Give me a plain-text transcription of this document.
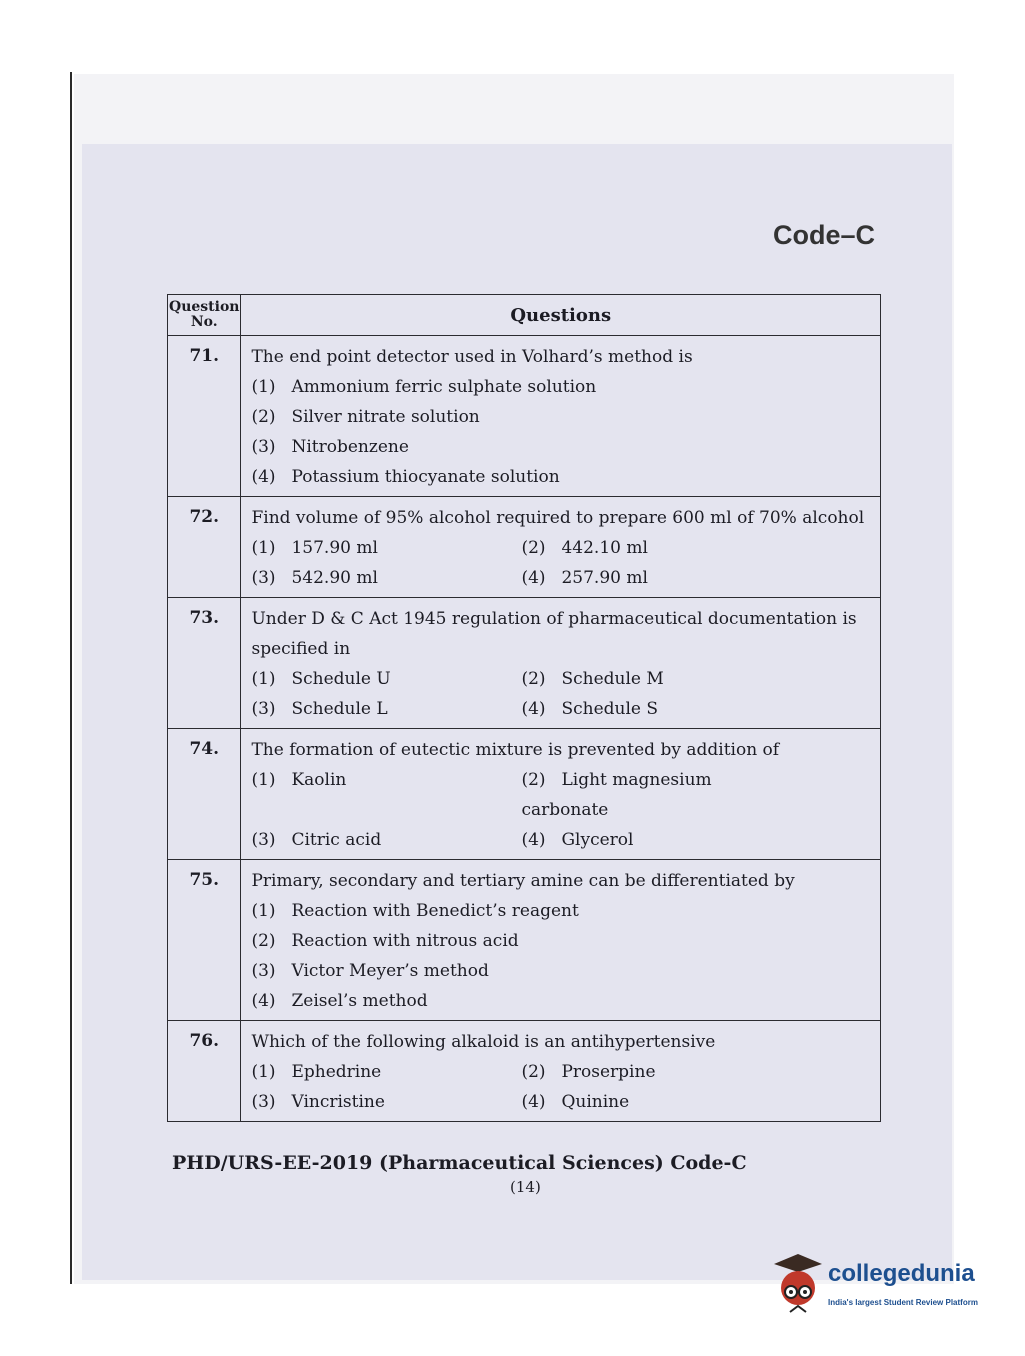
Code–C
Question No.	Questions
71.	The end point detector used in Volhard’s method is
(1) Ammonium ferric sulphate solution
(2) Silver nitrate solution
(3) Nitrobenzene
(4) Potassium thiocyanate solution

72.	Find volume of 95% alcohol required to prepare 600 ml of 70% alcohol
(1) 157.90 ml (2) 442.10 ml
(3) 542.90 ml (4) 257.90 ml

73.	Under D & C Act 1945 regulation of pharmaceutical documentation is specified in
(1) Schedule U (2) Schedule M
(3) Schedule L (4) Schedule S

74.	The formation of eutectic mixture is prevented by addition of
(1) Kaolin (2) Light magnesium carbonate
(3) Citric acid (4) Glycerol

75.	Primary, secondary and tertiary amine can be differentiated by
(1) Reaction with Benedict’s reagent
(2) Reaction with nitrous acid
(3) Victor Meyer’s method
(4) Zeisel’s method

76.	Which of the following alkaloid is an antihypertensive
(1) Ephedrine (2) Proserpine
(3) Vincristine (4) Quinine
PHD/URS-EE-2019 (Pharmaceutical Sciences) Code-C
(14)
collegedunia
India's largest Student Review Platform
